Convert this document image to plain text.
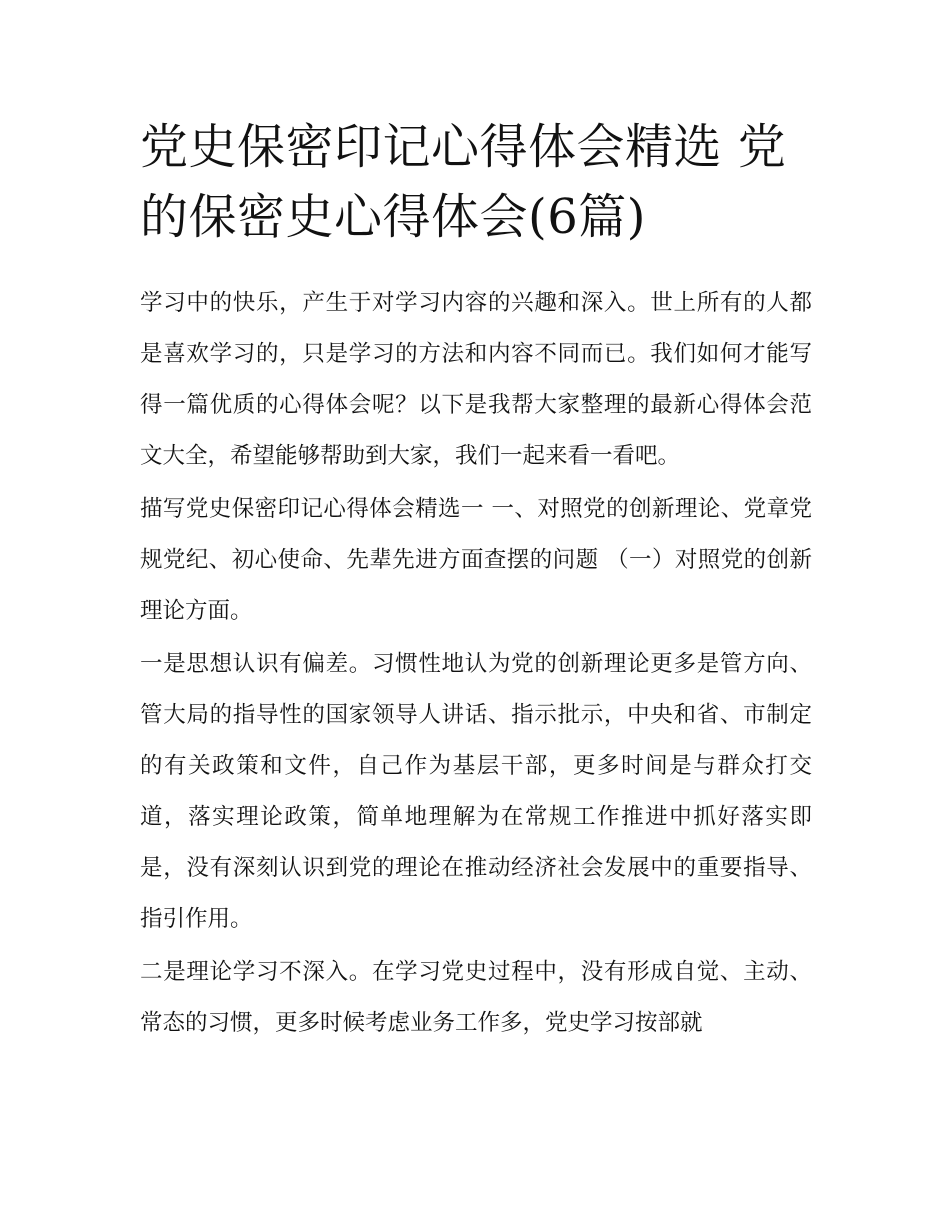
党史保密印记心得体会精选 党的保密史心得体会(6篇)

学习中的快乐，产生于对学习内容的兴趣和深入。世上所有的人都是喜欢学习的，只是学习的方法和内容不同而已。我们如何才能写得一篇优质的心得体会呢？以下是我帮大家整理的最新心得体会范文大全，希望能够帮助到大家，我们一起来看一看吧。

描写党史保密印记心得体会精选一 一、对照党的创新理论、党章党规党纪、初心使命、先辈先进方面查摆的问题 （一）对照党的创新理论方面。

一是思想认识有偏差。习惯性地认为党的创新理论更多是管方向、管大局的指导性的国家领导人讲话、指示批示，中央和省、市制定的有关政策和文件，自己作为基层干部，更多时间是与群众打交道，落实理论政策，简单地理解为在常规工作推进中抓好落实即是，没有深刻认识到党的理论在推动经济社会发展中的重要指导、指引作用。

二是理论学习不深入。在学习党史过程中，没有形成自觉、主动、常态的习惯，更多时候考虑业务工作多，党史学习按部就
